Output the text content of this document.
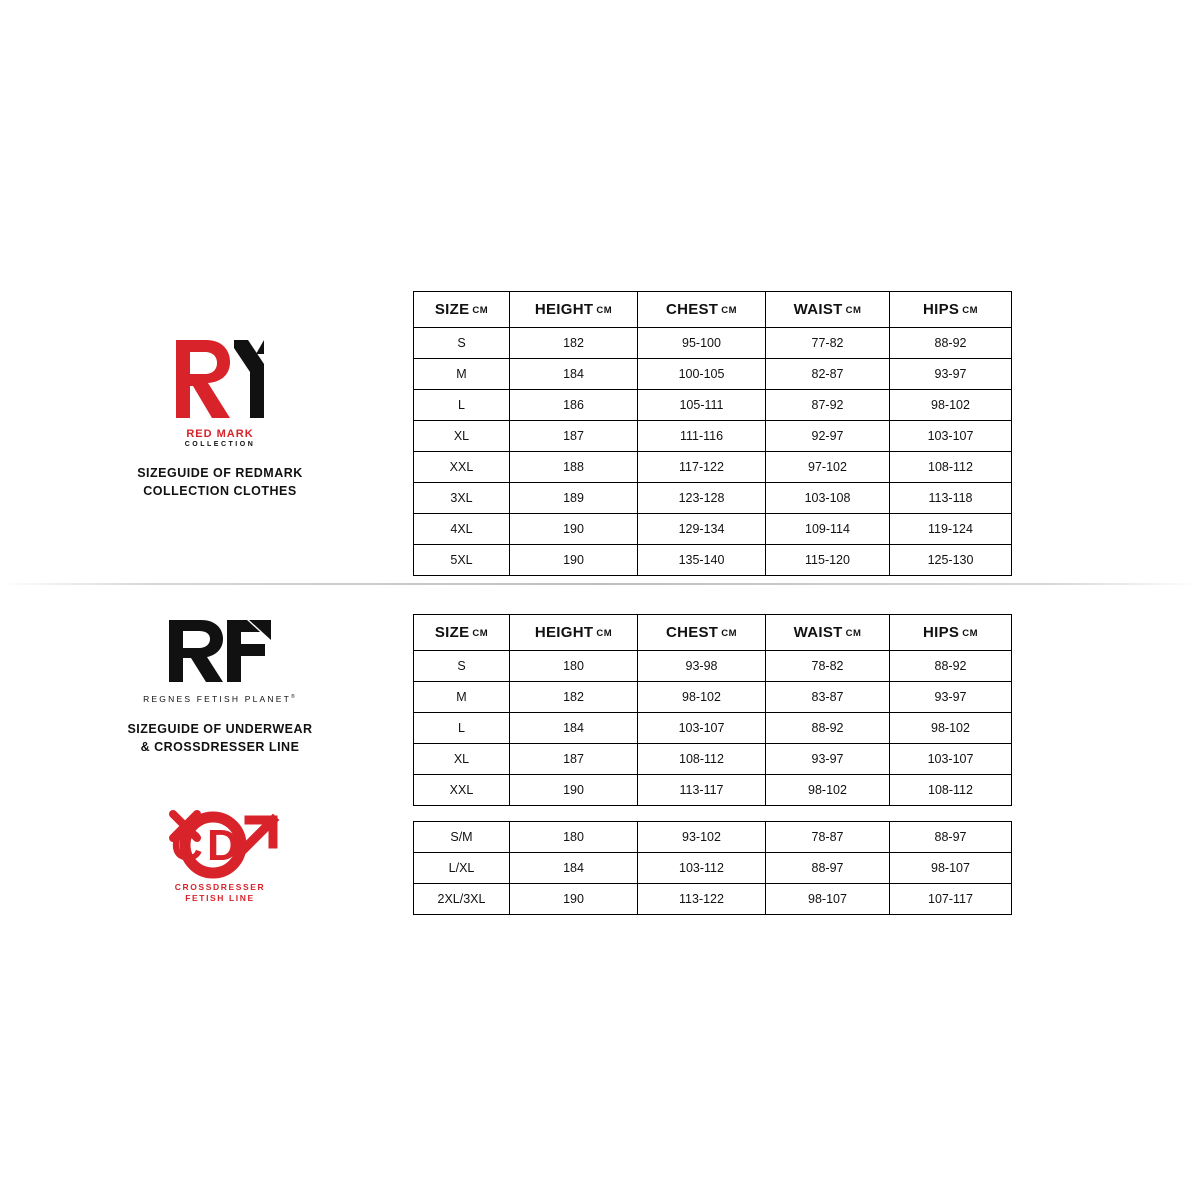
RED MARK
COLLECTION
SIZEGUIDE OF REDMARK
COLLECTION CLOTHES
SIZE CM	HEIGHT CM	CHEST CM	WAIST CM	HIPS CM
S	182	95-100	77-82	88-92
M	184	100-105	82-87	93-97
L	186	105-111	87-92	98-102
XL	187	111-116	92-97	103-107
XXL	188	117-122	97-102	108-112
3XL	189	123-128	103-108	113-118
4XL	190	129-134	109-114	119-124
5XL	190	135-140	115-120	125-130
REGNES FETISH PLANET®
SIZEGUIDE OF UNDERWEAR
& CROSSDRESSER LINE
D
C
CROSSDRESSER
FETISH LINE
SIZE CM	HEIGHT CM	CHEST CM	WAIST CM	HIPS CM
S	180	93-98	78-82	88-92
M	182	98-102	83-87	93-97
L	184	103-107	88-92	98-102
XL	187	108-112	93-97	103-107
XXL	190	113-117	98-102	108-112
S/M	180	93-102	78-87	88-97
L/XL	184	103-112	88-97	98-107
2XL/3XL	190	113-122	98-107	107-117
